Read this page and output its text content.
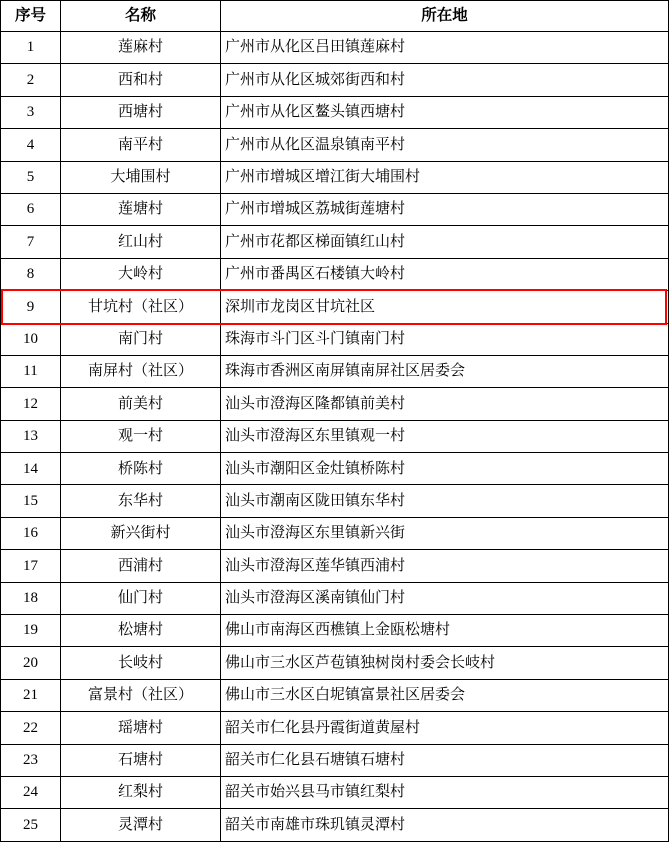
序号	名称	所在地
1	莲麻村	广州市从化区吕田镇莲麻村
2	西和村	广州市从化区城郊街西和村
3	西塘村	广州市从化区鳌头镇西塘村
4	南平村	广州市从化区温泉镇南平村
5	大埔围村	广州市增城区增江街大埔围村
6	莲塘村	广州市增城区荔城街莲塘村
7	红山村	广州市花都区梯面镇红山村
8	大岭村	广州市番禺区石楼镇大岭村
9	甘坑村（社区）	深圳市龙岗区甘坑社区
10	南门村	珠海市斗门区斗门镇南门村
11	南屏村（社区）	珠海市香洲区南屏镇南屏社区居委会
12	前美村	汕头市澄海区隆都镇前美村
13	观一村	汕头市澄海区东里镇观一村
14	桥陈村	汕头市潮阳区金灶镇桥陈村
15	东华村	汕头市潮南区陇田镇东华村
16	新兴街村	汕头市澄海区东里镇新兴街
17	西浦村	汕头市澄海区莲华镇西浦村
18	仙门村	汕头市澄海区溪南镇仙门村
19	松塘村	佛山市南海区西樵镇上金瓯松塘村
20	长岐村	佛山市三水区芦苞镇独树岗村委会长岐村
21	富景村（社区）	佛山市三水区白坭镇富景社区居委会
22	瑶塘村	韶关市仁化县丹霞街道黄屋村
23	石塘村	韶关市仁化县石塘镇石塘村
24	红梨村	韶关市始兴县马市镇红梨村
25	灵潭村	韶关市南雄市珠玑镇灵潭村
